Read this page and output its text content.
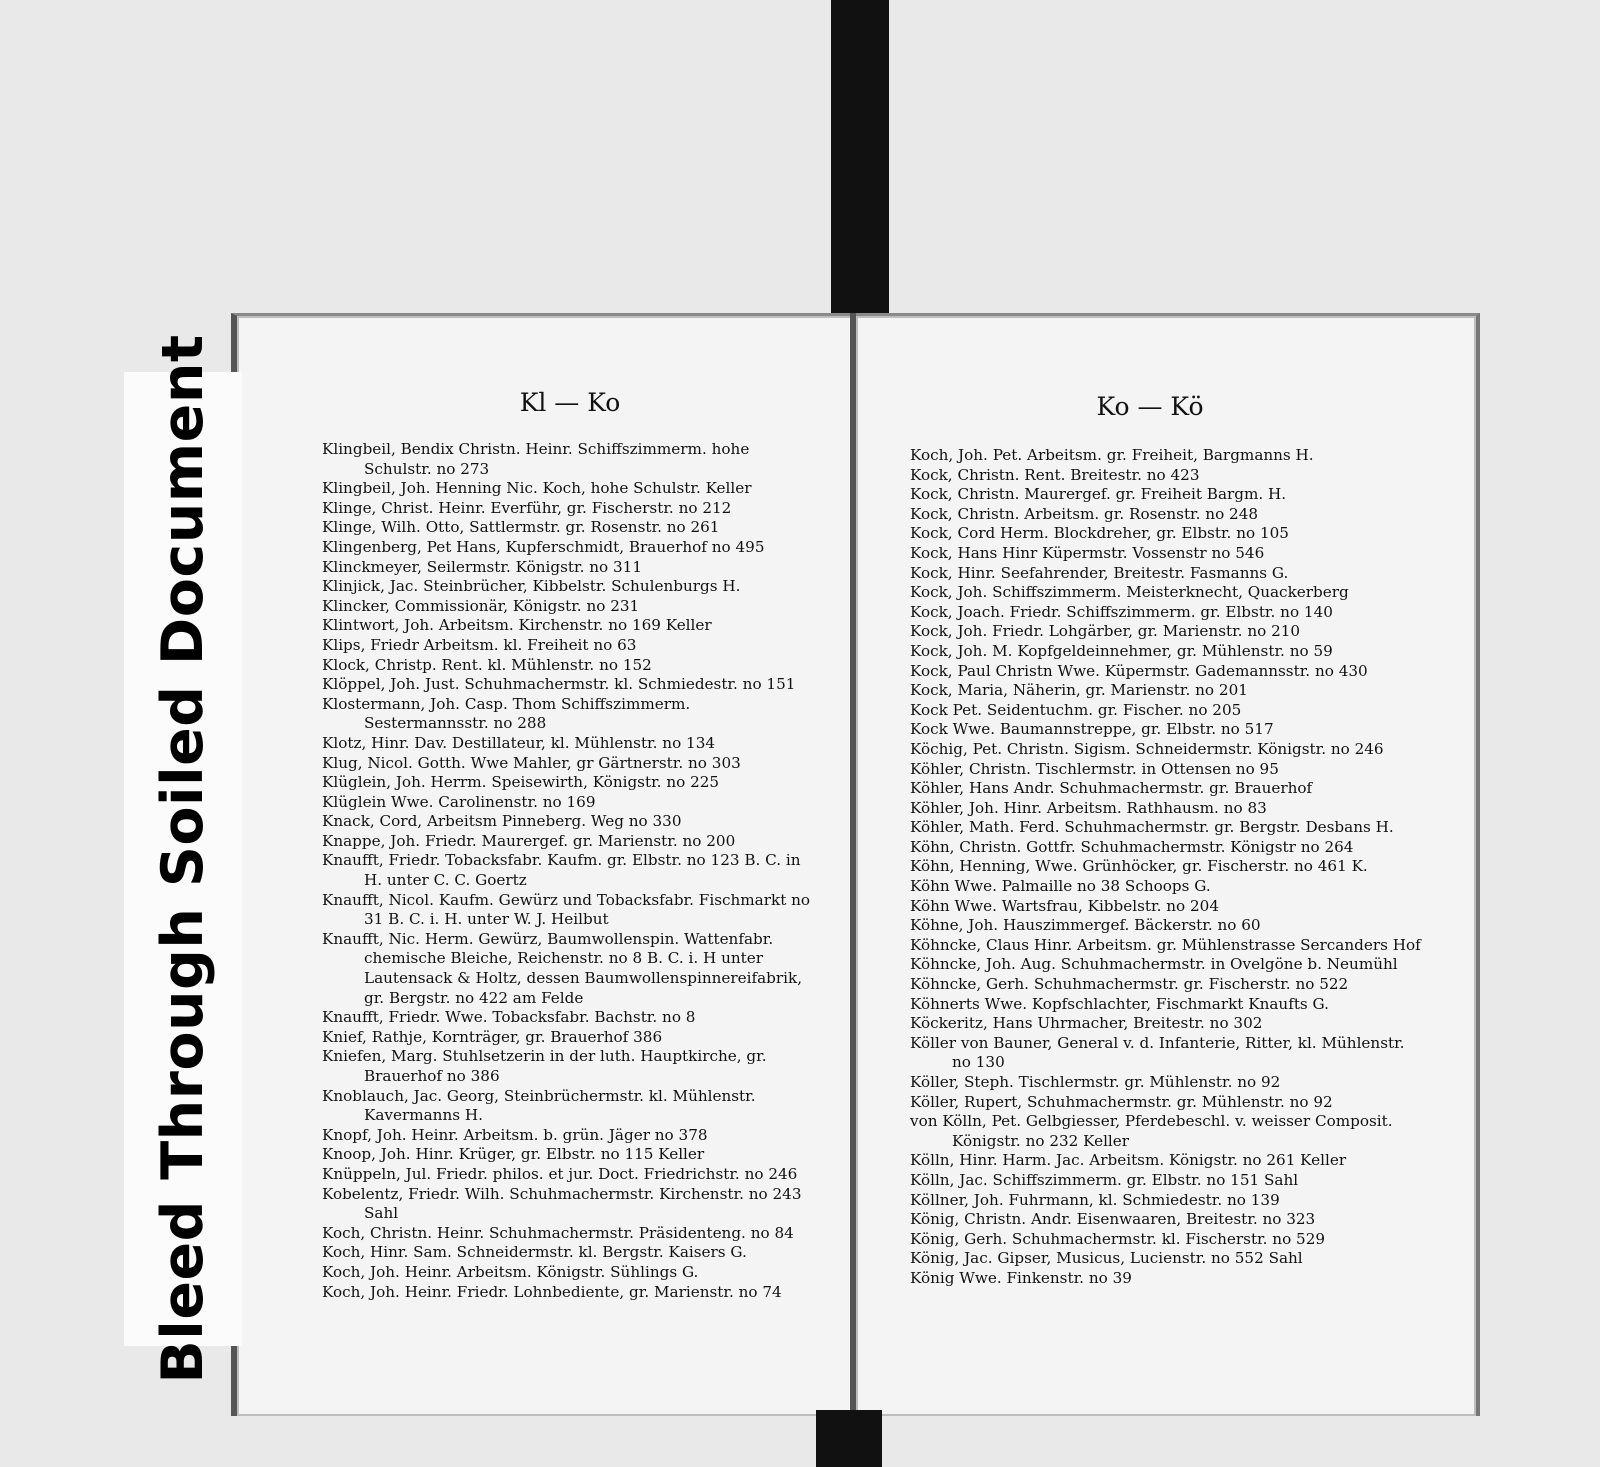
Bleed Through Soiled Document	Kl — Ko	Ko — Kö
Klingbeil, Bendix Christn. Heinr. Schiffszimmerm. hohe Schulstr. no 273
Klingbeil, Joh. Henning Nic. Koch, hohe Schulstr. Keller
Klinge, Christ. Heinr. Everführ, gr. Fischerstr. no 212
Klinge, Wilh. Otto, Sattlermstr. gr. Rosenstr. no 261
Klingenberg, Pet Hans, Kupferschmidt, Brauerhof no 495
Klinckmeyer, Seilermstr. Königstr. no 311
Klinjick, Jac. Steinbrücher, Kibbelstr. Schulenburgs H.
Klincker, Commissionär, Königstr. no 231
Klintwort, Joh. Arbeitsm. Kirchenstr. no 169 Keller
Klips, Friedr Arbeitsm. kl. Freiheit no 63
Klock, Christp. Rent. kl. Mühlenstr. no 152
Klöppel, Joh. Just. Schuhmachermstr. kl. Schmiedestr. no 151
Klostermann, Joh. Casp. Thom Schiffszimmerm. Sestermannsstr. no 288
Klotz, Hinr. Dav. Destillateur, kl. Mühlenstr. no 134
Klug, Nicol. Gotth. Wwe Mahler, gr Gärtnerstr. no 303
Klüglein, Joh. Herrm. Speisewirth, Königstr. no 225
Klüglein Wwe. Carolinenstr. no 169
Knack, Cord, Arbeitsm Pinneberg. Weg no 330
Knappe, Joh. Friedr. Maurergef. gr. Marienstr. no 200
Knaufft, Friedr. Tobacksfabr. Kaufm. gr. Elbstr. no 123 B. C. in H. unter C. C. Goertz
Knaufft, Nicol. Kaufm. Gewürz und Tobacksfabr. Fischmarkt no 31 B. C. i. H. unter W. J. Heilbut
Knaufft, Nic. Herm. Gewürz, Baumwollenspin. Wattenfabr. chemische Bleiche, Reichenstr. no 8 B. C. i. H unter Lautensack & Holtz, dessen Baumwollenspinnereifabrik, gr. Bergstr. no 422 am Felde
Knaufft, Friedr. Wwe. Tobacksfabr. Bachstr. no 8
Knief, Rathje, Kornträger, gr. Brauerhof 386
Kniefen, Marg. Stuhlsetzerin in der luth. Hauptkirche, gr. Brauerhof no 386
Knoblauch, Jac. Georg, Steinbrüchermstr. kl. Mühlenstr. Kavermanns H.
Knopf, Joh. Heinr. Arbeitsm. b. grün. Jäger no 378
Knoop, Joh. Hinr. Krüger, gr. Elbstr. no 115 Keller
Knüppeln, Jul. Friedr. philos. et jur. Doct. Friedrichstr. no 246
Kobelentz, Friedr. Wilh. Schuhmachermstr. Kirchenstr. no 243 Sahl
Koch, Christn. Heinr. Schuhmachermstr. Präsidenteng. no 84
Koch, Hinr. Sam. Schneidermstr. kl. Bergstr. Kaisers G.
Koch, Joh. Heinr. Arbeitsm. Königstr. Sühlings G.
Koch, Joh. Heinr. Friedr. Lohnbediente, gr. Marienstr. no 74
Koch, Joh. Pet. Arbeitsm. gr. Freiheit, Bargmanns H.
Kock, Christn. Rent. Breitestr. no 423
Kock, Christn. Maurergef. gr. Freiheit Bargm. H.
Kock, Christn. Arbeitsm. gr. Rosenstr. no 248
Kock, Cord Herm. Blockdreher, gr. Elbstr. no 105
Kock, Hans Hinr Küpermstr. Vossenstr no 546
Kock, Hinr. Seefahrender, Breitestr. Fasmanns G.
Kock, Joh. Schiffszimmerm. Meisterknecht, Quackerberg
Kock, Joach. Friedr. Schiffszimmerm. gr. Elbstr. no 140
Kock, Joh. Friedr. Lohgärber, gr. Marienstr. no 210
Kock, Joh. M. Kopfgeldeinnehmer, gr. Mühlenstr. no 59
Kock, Paul Christn Wwe. Küpermstr. Gademannsstr. no 430
Kock, Maria, Näherin, gr. Marienstr. no 201
Kock Pet. Seidentuchm. gr. Fischer. no 205
Kock Wwe. Baumannstreppe, gr. Elbstr. no 517
Köchig, Pet. Christn. Sigism. Schneidermstr. Königstr. no 246
Köhler, Christn. Tischlermstr. in Ottensen no 95
Köhler, Hans Andr. Schuhmachermstr. gr. Brauerhof
Köhler, Joh. Hinr. Arbeitsm. Rathhausm. no 83
Köhler, Math. Ferd. Schuhmachermstr. gr. Bergstr. Desbans H.
Köhn, Christn. Gottfr. Schuhmachermstr. Königstr no 264
Köhn, Henning, Wwe. Grünhöcker, gr. Fischerstr. no 461 K.
Köhn Wwe. Palmaille no 38 Schoops G.
Köhn Wwe. Wartsfrau, Kibbelstr. no 204
Köhne, Joh. Hauszimmergef. Bäckerstr. no 60
Köhncke, Claus Hinr. Arbeitsm. gr. Mühlenstrasse Sercanders Hof
Köhncke, Joh. Aug. Schuhmachermstr. in Ovelgöne b. Neumühl
Köhncke, Gerh. Schuhmachermstr. gr. Fischerstr. no 522
Köhnerts Wwe. Kopfschlachter, Fischmarkt Knaufts G.
Köckeritz, Hans Uhrmacher, Breitestr. no 302
Köller von Bauner, General v. d. Infanterie, Ritter, kl. Mühlenstr. no 130
Köller, Steph. Tischlermstr. gr. Mühlenstr. no 92
Köller, Rupert, Schuhmachermstr. gr. Mühlenstr. no 92
von Kölln, Pet. Gelbgiesser, Pferdebeschl. v. weisser Composit. Königstr. no 232 Keller
Kölln, Hinr. Harm. Jac. Arbeitsm. Königstr. no 261 Keller
Kölln, Jac. Schiffszimmerm. gr. Elbstr. no 151 Sahl
Köllner, Joh. Fuhrmann, kl. Schmiedestr. no 139
König, Christn. Andr. Eisenwaaren, Breitestr. no 323
König, Gerh. Schuhmachermstr. kl. Fischerstr. no 529
König, Jac. Gipser, Musicus, Lucienstr. no 552 Sahl
König Wwe. Finkenstr. no 39
